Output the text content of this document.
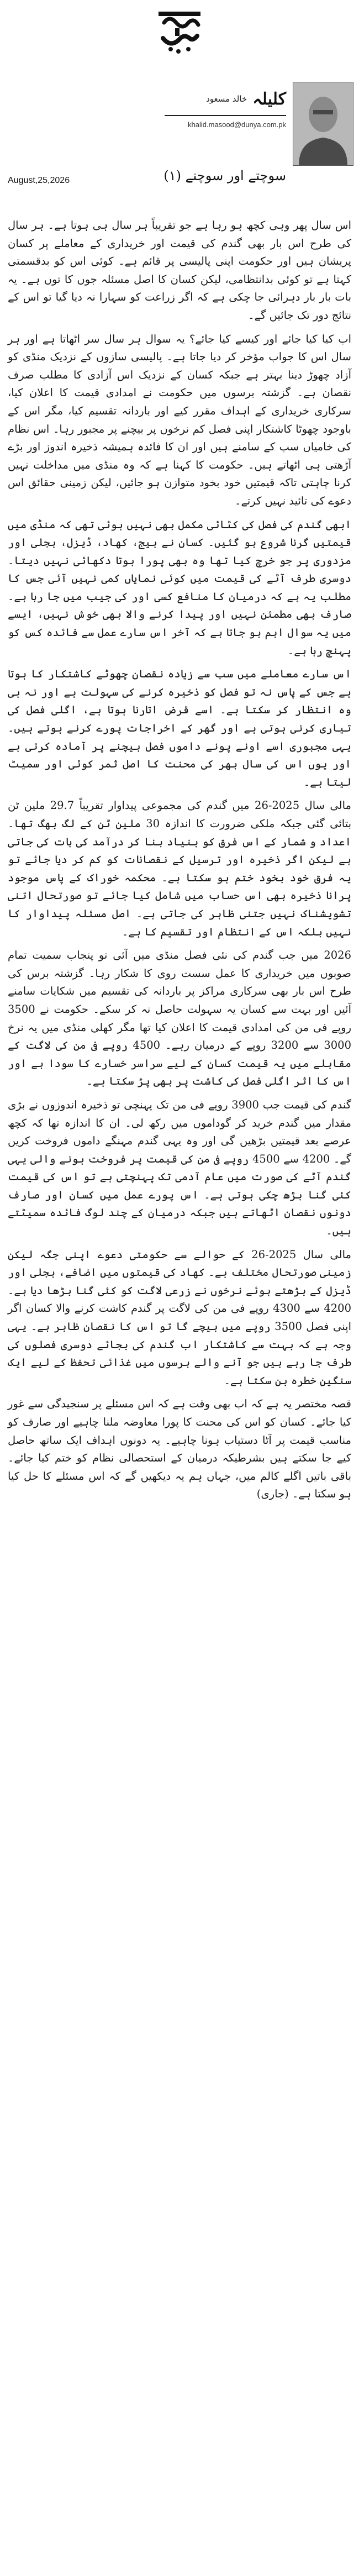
خالد مسعود کلیلہ
khalid.masood@dunya.com.pk
سوچتے اور سوچنے (۱)
August,25,2026

اس سال پھر وہی کچھ ہو رہا ہے جو تقریباً ہر سال ہی ہوتا ہے۔ ہر سال کی طرح اس بار بھی گندم کی قیمت اور خریداری کے معاملے پر کسان پریشان ہیں اور حکومت اپنی پالیسی پر قائم ہے۔ کوئی اس کو بدقسمتی کہتا ہے تو کوئی بدانتظامی، لیکن کسان کا اصل مسئلہ جوں کا توں ہے۔ یہ بات بار بار دہرائی جا چکی ہے کہ اگر زراعت کو سہارا نہ دیا گیا تو اس کے نتائج دور تک جائیں گے۔

اب کیا کیا جائے اور کیسے کیا جائے؟ یہ سوال ہر سال سر اٹھاتا ہے اور ہر سال اس کا جواب مؤخر کر دیا جاتا ہے۔ پالیسی سازوں کے نزدیک منڈی کو آزاد چھوڑ دینا بہتر ہے جبکہ کسان کے نزدیک اس آزادی کا مطلب صرف نقصان ہے۔ گزشتہ برسوں میں حکومت نے امدادی قیمت کا اعلان کیا، سرکاری خریداری کے اہداف مقرر کیے اور باردانہ تقسیم کیا، مگر اس کے باوجود چھوٹا کاشتکار اپنی فصل کم نرخوں پر بیچنے پر مجبور رہا۔ اس نظام کی خامیاں سب کے سامنے ہیں اور ان کا فائدہ ہمیشہ ذخیرہ اندوز اور بڑے آڑھتی ہی اٹھاتے ہیں۔ حکومت کا کہنا ہے کہ وہ منڈی میں مداخلت نہیں کرنا چاہتی تاکہ قیمتیں خود بخود متوازن ہو جائیں، لیکن زمینی حقائق اس دعوے کی تائید نہیں کرتے۔

ابھی گندم کی فصل کی کٹائی مکمل بھی نہیں ہوئی تھی کہ منڈی میں قیمتیں گرنا شروع ہو گئیں۔ کسان نے بیج، کھاد، ڈیزل، بجلی اور مزدوری پر جو خرچ کیا تھا وہ بھی پورا ہوتا دکھائی نہیں دیتا۔ دوسری طرف آٹے کی قیمت میں کوئی نمایاں کمی نہیں آئی جس کا مطلب یہ ہے کہ درمیان کا منافع کسی اور کی جیب میں جا رہا ہے۔ صارف بھی مطمئن نہیں اور پیدا کرنے والا بھی خوش نہیں، ایسے میں یہ سوال اہم ہو جاتا ہے کہ آخر اس سارے عمل سے فائدہ کس کو پہنچ رہا ہے۔

اس سارے معاملے میں سب سے زیادہ نقصان چھوٹے کاشتکار کا ہوتا ہے جس کے پاس نہ تو فصل کو ذخیرہ کرنے کی سہولت ہے اور نہ ہی وہ انتظار کر سکتا ہے۔ اسے قرض اتارنا ہوتا ہے، اگلی فصل کی تیاری کرنی ہوتی ہے اور گھر کے اخراجات پورے کرنے ہوتے ہیں۔ یہی مجبوری اسے اونے پونے داموں فصل بیچنے پر آمادہ کرتی ہے اور یوں اس کی سال بھر کی محنت کا اصل ثمر کوئی اور سمیٹ لیتا ہے۔

مالی سال 2025-26 میں گندم کی مجموعی پیداوار تقریباً 29.7 ملین ٹن بتائی گئی جبکہ ملکی ضرورت کا اندازہ 30 ملین ٹن کے لگ بھگ تھا۔ اعداد و شمار کے اس فرق کو بنیاد بنا کر درآمد کی بات کی جاتی ہے لیکن اگر ذخیرہ اور ترسیل کے نقصانات کو کم کر دیا جائے تو یہ فرق خود بخود ختم ہو سکتا ہے۔ محکمہ خوراک کے پاس موجود پرانا ذخیرہ بھی اس حساب میں شامل کیا جائے تو صورتحال اتنی تشویشناک نہیں جتنی ظاہر کی جاتی ہے۔ اصل مسئلہ پیداوار کا نہیں بلکہ اس کے انتظام اور تقسیم کا ہے۔

2026 میں جب گندم کی نئی فصل منڈی میں آئی تو پنجاب سمیت تمام صوبوں میں خریداری کا عمل سست روی کا شکار رہا۔ گزشتہ برس کی طرح اس بار بھی سرکاری مراکز پر باردانہ کی تقسیم میں شکایات سامنے آئیں اور بہت سے کسان یہ سہولت حاصل نہ کر سکے۔ حکومت نے 3500 روپے فی من کی امدادی قیمت کا اعلان کیا تھا مگر کھلی منڈی میں یہ نرخ 3000 سے 3200 روپے کے درمیان رہے۔ 4500 روپے فی من کی لاگت کے مقابلے میں یہ قیمت کسان کے لیے سراسر خسارے کا سودا ہے اور اس کا اثر اگلی فصل کی کاشت پر بھی پڑ سکتا ہے۔

گندم کی قیمت جب 3900 روپے فی من تک پہنچی تو ذخیرہ اندوزوں نے بڑی مقدار میں گندم خرید کر گوداموں میں رکھ لی۔ ان کا اندازہ تھا کہ کچھ عرصے بعد قیمتیں بڑھیں گی اور وہ یہی گندم مہنگے داموں فروخت کریں گے۔ 4200 سے 4500 روپے فی من کی قیمت پر فروخت ہونے والی یہی گندم آٹے کی صورت میں عام آدمی تک پہنچتی ہے تو اس کی قیمت کئی گنا بڑھ چکی ہوتی ہے۔ اس پورے عمل میں کسان اور صارف دونوں نقصان اٹھاتے ہیں جبکہ درمیان کے چند لوگ فائدہ سمیٹتے ہیں۔

مالی سال 2025-26 کے حوالے سے حکومتی دعوے اپنی جگہ لیکن زمینی صورتحال مختلف ہے۔ کھاد کی قیمتوں میں اضافے، بجلی اور ڈیزل کے بڑھتے ہوئے نرخوں نے زرعی لاگت کو کئی گنا بڑھا دیا ہے۔ 4200 سے 4300 روپے فی من کی لاگت پر گندم کاشت کرنے والا کسان اگر اپنی فصل 3500 روپے میں بیچے گا تو اس کا نقصان ظاہر ہے۔ یہی وجہ ہے کہ بہت سے کاشتکار اب گندم کی بجائے دوسری فصلوں کی طرف جا رہے ہیں جو آنے والے برسوں میں غذائی تحفظ کے لیے ایک سنگین خطرہ بن سکتا ہے۔

قصہ مختصر یہ ہے کہ اب بھی وقت ہے کہ اس مسئلے پر سنجیدگی سے غور کیا جائے۔ کسان کو اس کی محنت کا پورا معاوضہ ملنا چاہیے اور صارف کو مناسب قیمت پر آٹا دستیاب ہونا چاہیے۔ یہ دونوں اہداف ایک ساتھ حاصل کیے جا سکتے ہیں بشرطیکہ درمیان کے استحصالی نظام کو ختم کیا جائے۔ باقی باتیں اگلے کالم میں، جہاں ہم یہ دیکھیں گے کہ اس مسئلے کا حل کیا ہو سکتا ہے۔ (جاری)
